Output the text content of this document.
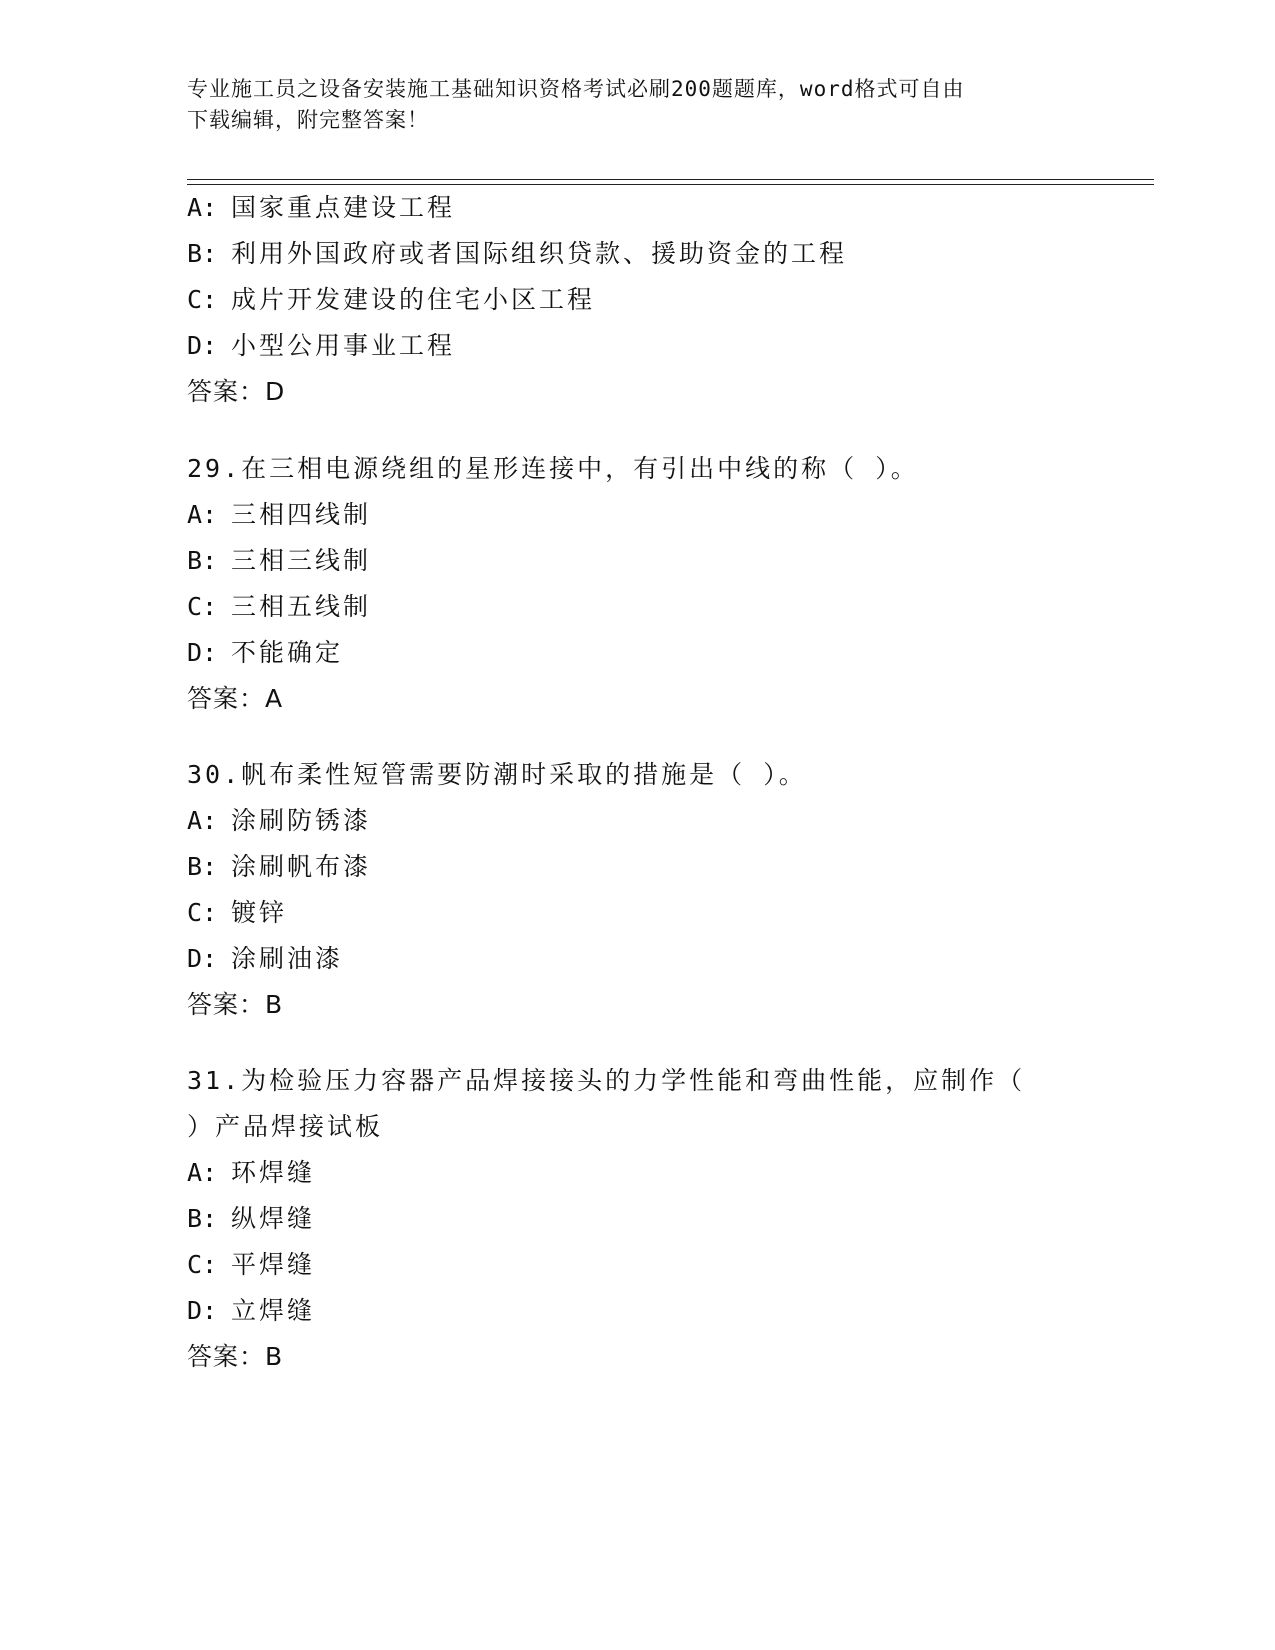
专业施工员之设备安装施工基础知识资格考试必刷200题题库，word格式可自由
下载编辑，附完整答案！
A: 国家重点建设工程
B: 利用外国政府或者国际组织贷款、援助资金的工程
C: 成片开发建设的住宅小区工程
D: 小型公用事业工程
答案：D
29.在三相电源绕组的星形连接中，有引出中线的称（ ）。
A: 三相四线制
B: 三相三线制
C: 三相五线制
D: 不能确定
答案：A
30.帆布柔性短管需要防潮时采取的措施是（ ）。
A: 涂刷防锈漆
B: 涂刷帆布漆
C: 镀锌
D: 涂刷油漆
答案：B
31.为检验压力容器产品焊接接头的力学性能和弯曲性能，应制作（
）产品焊接试板
A: 环焊缝
B: 纵焊缝
C: 平焊缝
D: 立焊缝
答案：B
